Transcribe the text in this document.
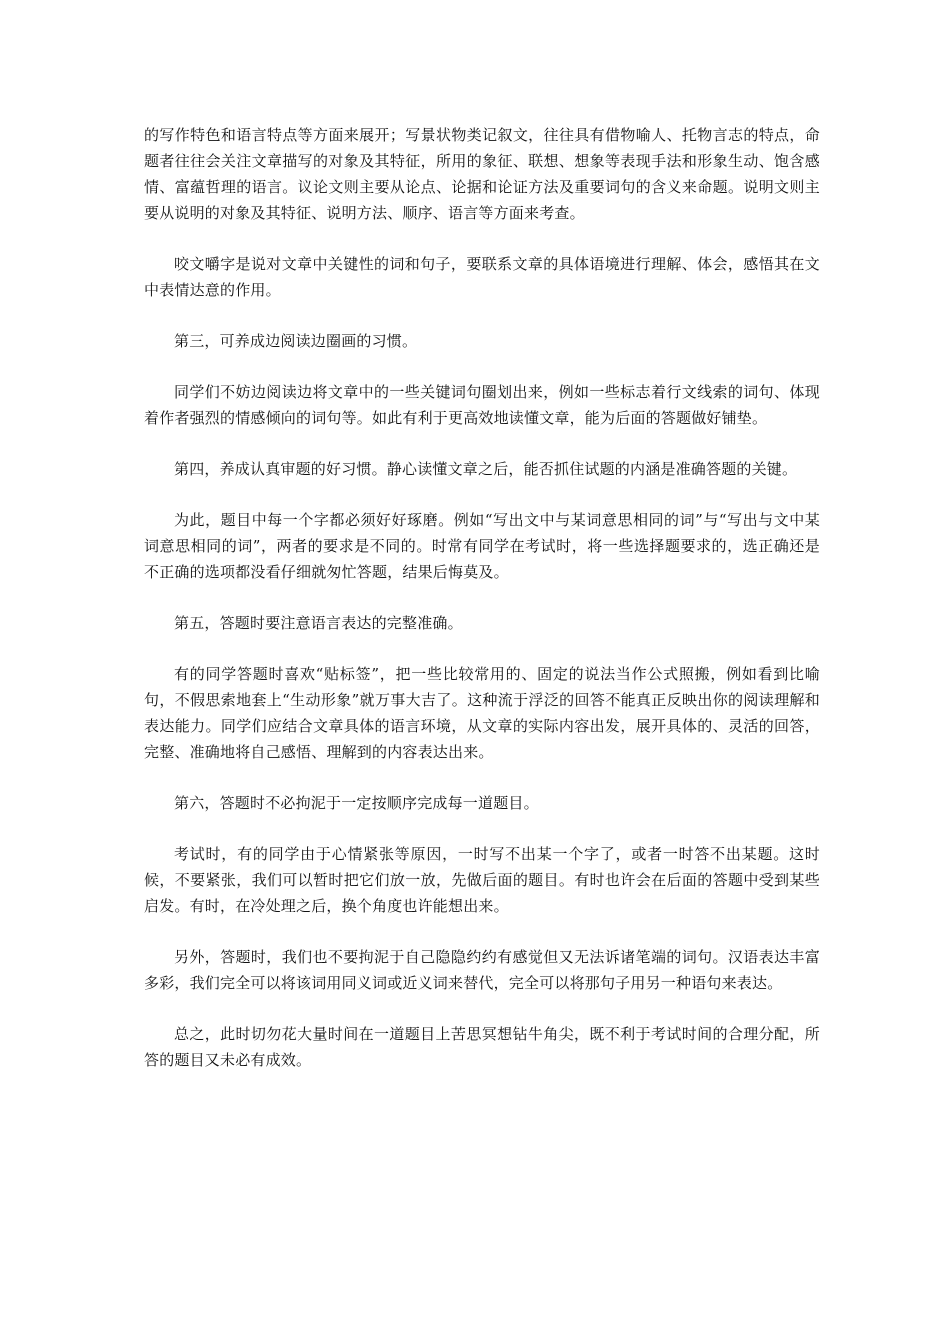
的写作特色和语言特点等方面来展开；写景状物类记叙文，往往具有借物喻人、托物言志的特点，命题者往往会关注文章描写的对象及其特征，所用的象征、联想、想象等表现手法和形象生动、饱含感情、富蕴哲理的语言。议论文则主要从论点、论据和论证方法及重要词句的含义来命题。说明文则主要从说明的对象及其特征、说明方法、顺序、语言等方面来考查。

咬文嚼字是说对文章中关键性的词和句子，要联系文章的具体语境进行理解、体会，感悟其在文中表情达意的作用。

第三，可养成边阅读边圈画的习惯。

同学们不妨边阅读边将文章中的一些关键词句圈划出来，例如一些标志着行文线索的词句、体现着作者强烈的情感倾向的词句等。如此有利于更高效地读懂文章，能为后面的答题做好铺垫。

第四，养成认真审题的好习惯。静心读懂文章之后，能否抓住试题的内涵是准确答题的关键。

为此，题目中每一个字都必须好好琢磨。例如“写出文中与某词意思相同的词”与“写出与文中某词意思相同的词”，两者的要求是不同的。时常有同学在考试时，将一些选择题要求的，选正确还是不正确的选项都没看仔细就匆忙答题，结果后悔莫及。

第五，答题时要注意语言表达的完整准确。

有的同学答题时喜欢“贴标签”，把一些比较常用的、固定的说法当作公式照搬，例如看到比喻句，不假思索地套上“生动形象”就万事大吉了。这种流于浮泛的回答不能真正反映出你的阅读理解和表达能力。同学们应结合文章具体的语言环境，从文章的实际内容出发，展开具体的、灵活的回答，完整、准确地将自己感悟、理解到的内容表达出来。

第六，答题时不必拘泥于一定按顺序完成每一道题目。

考试时，有的同学由于心情紧张等原因，一时写不出某一个字了，或者一时答不出某题。这时候，不要紧张，我们可以暂时把它们放一放，先做后面的题目。有时也许会在后面的答题中受到某些启发。有时，在冷处理之后，换个角度也许能想出来。

另外，答题时，我们也不要拘泥于自己隐隐约约有感觉但又无法诉诸笔端的词句。汉语表达丰富多彩，我们完全可以将该词用同义词或近义词来替代，完全可以将那句子用另一种语句来表达。

总之，此时切勿花大量时间在一道题目上苦思冥想钻牛角尖，既不利于考试时间的合理分配，所答的题目又未必有成效。
